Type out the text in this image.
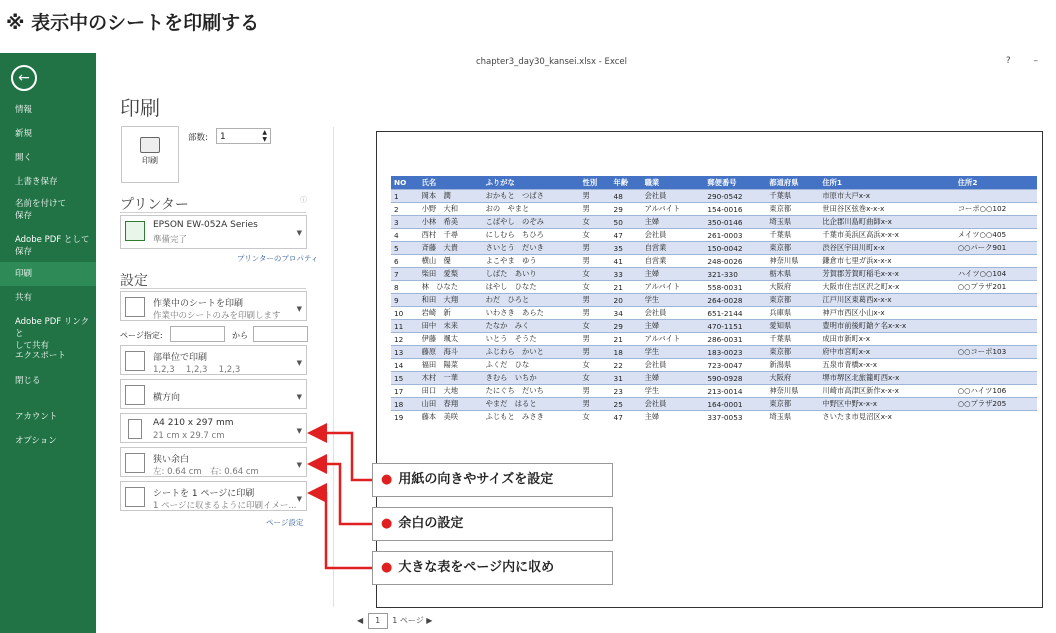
※ 表示中のシートを印刷する
←
情報
新規
開く
上書き保存
名前を付けて
保存
Adobe PDF として
保存
印刷
共有
Adobe PDF リンクと
して共有
エクスポート
閉じる
アカウント
オプション
chapter3_day30_kansei.xlsx - Excel	? –
印刷
印刷
部数:	1	▲
▼
プリンター	ⓘ
EPSON EW-052A Series
準備完了
▼
プリンターのプロパティ
設定
作業中のシートを印刷
作業中のシートのみを印刷します
▼
ページ指定:	から
部単位で印刷
1,2,3　 1,2,3　 1,2,3
▼
横方向	▼
A4 210 x 297 mm
21 cm x 29.7 cm	▼
狭い余白
左: 0.64 cm　右: 0.64 cm
▼
シートを 1 ページに印刷
1 ページに収まるように印刷イメー...
▼
ページ設定
NO	氏名	ふりがな	性別	年齢	職業	郵便番号	都道府県	住所1	住所2
1	岡本　潤	おかもと　つばさ	男	48	会社員	290-0542	千葉県	市原市大戸x-x	
2	小野　大和	おの　やまと	男	29	アルバイト	154-0016	東京都	世田谷区弦巻x-x-x	コーポ○○102
3	小林　希美	こばやし　のぞみ	女	50	主婦	350-0146	埼玉県	比企郡川島町曲師x-x	
4	西村　千尋	にしむら　ちひろ	女	47	会社員	261-0003	千葉県	千葉市美浜区高浜x-x-x	メイツ○○405
5	斉藤　大貴	さいとう　だいき	男	35	自営業	150-0042	東京都	渋谷区宇田川町x-x	○○パーク901
6	横山　優	よこやま　ゆう	男	41	自営業	248-0026	神奈川県	鎌倉市七里ガ浜x-x-x	
7	柴田　愛梨	しばた　あいり	女	33	主婦	321-330	栃木県	芳賀郡芳賀町稲毛x-x-x	ハイツ○○104
8	林　ひなた	はやし　ひなた	女	21	アルバイト	558-0031	大阪府	大阪市住吉区沢之町x-x	○○プラザ201
9	和田　大翔	わだ　ひろと	男	20	学生	264-0028	東京都	江戸川区東葛西x-x-x	
10	岩崎　新	いわさき　あらた	男	34	会社員	651-2144	兵庫県	神戸市西区小山x-x	
11	田中　未来	たなか　みく	女	29	主婦	470-1151	愛知県	豊明市前後町鎗ケ名x-x-x	
12	伊藤　颯太	いとう　そうた	男	21	アルバイト	286-0031	千葉県	成田市新町x-x	
13	藤原　海斗	ふじわら　かいと	男	18	学生	183-0023	東京都	府中市宮町x-x	○○コーポ103
14	福田　陽菜	ふくだ　ひな	女	22	会社員	723-0047	新潟県	五泉市青橋x-x-x	
15	木村　一華	きむら　いちか	女	31	主婦	590-0928	大阪府	堺市堺区北旅籠町西x-x	
17	田口　大地	たにぐち　だいち	男	23	学生	213-0014	神奈川県	川崎市高津区新作x-x-x	○○ハイツ106
18	山田　春翔	やまだ　はると	男	25	会社員	164-0001	東京都	中野区中野x-x-x	○○プラザ205
19	藤本　美咲	ふじもと　みさき	女	47	主婦	337-0053	埼玉県	さいたま市見沼区x-x	
◀ 1 1 ページ ▶
● 用紙の向きやサイズを設定
● 余白の設定
● 大きな表をページ内に収め
